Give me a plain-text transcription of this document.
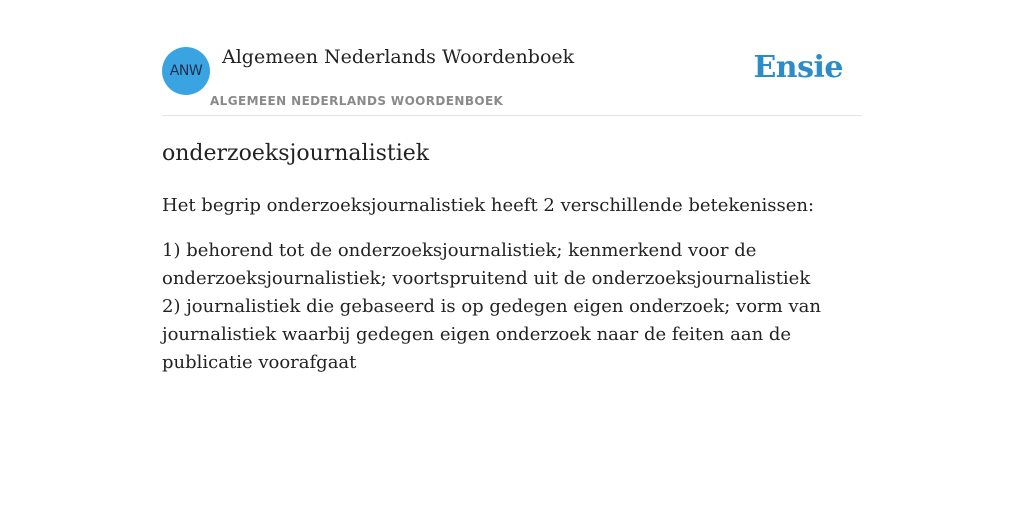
ANW
Algemeen Nederlands Woordenboek
ALGEMEEN NEDERLANDS WOORDENBOEK
Ensie
onderzoeksjournalistiek

Het begrip onderzoeksjournalistiek heeft 2 verschillende betekenissen:

1) behorend tot de onderzoeksjournalistiek; kenmerkend voor de onderzoeksjournalistiek; voortspruitend uit de onderzoeksjournalistiek
2) journalistiek die gebaseerd is op gedegen eigen onderzoek; vorm van journalistiek waarbij gedegen eigen onderzoek naar de feiten aan de publicatie voorafgaat
